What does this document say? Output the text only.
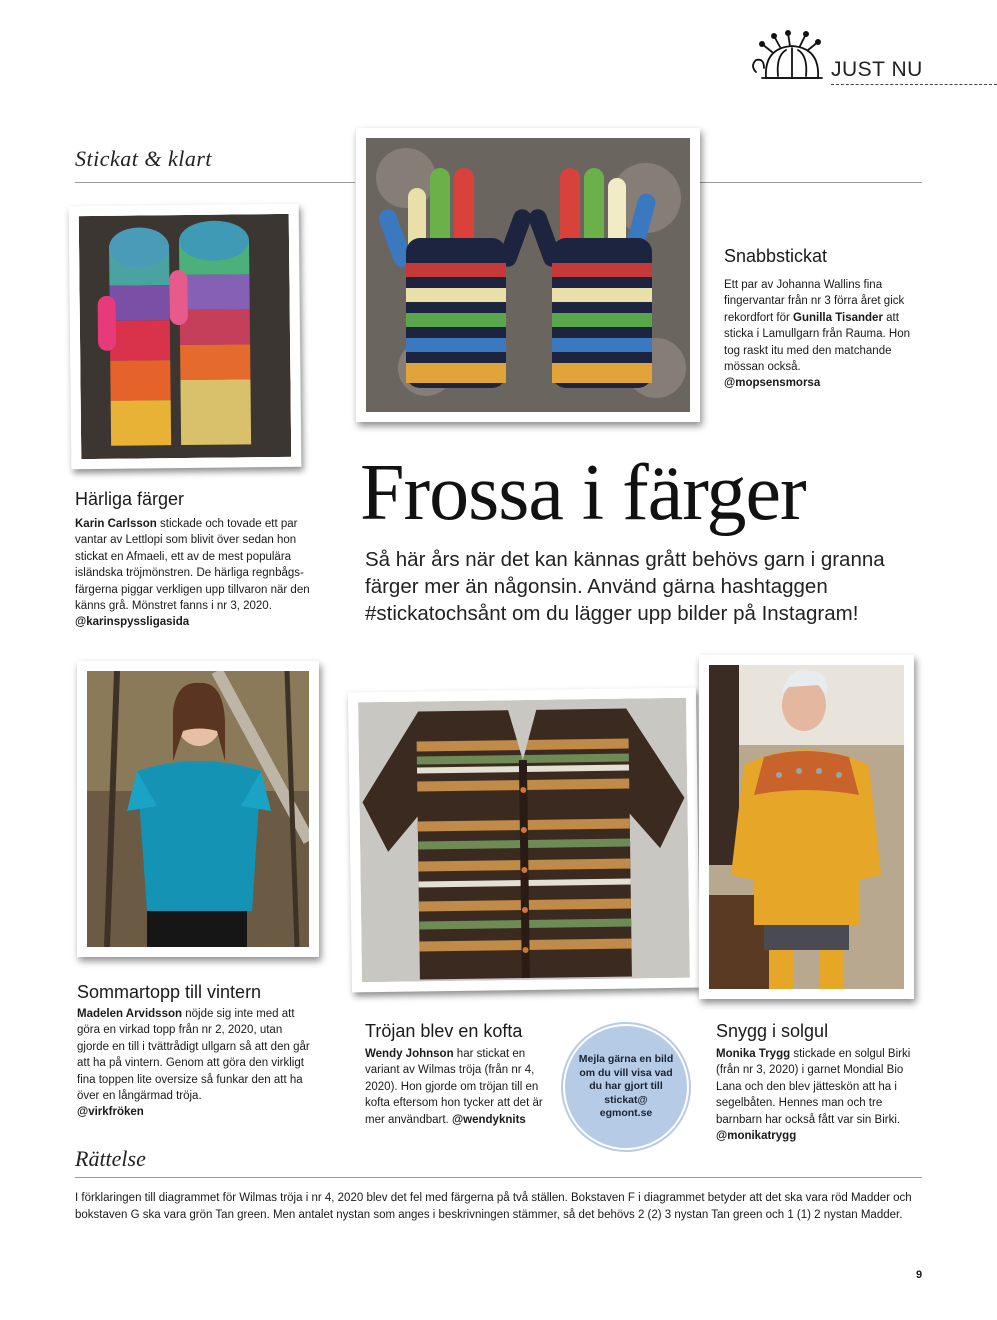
JUST NU
Stickat & klart
Snabbstickat
Ett par av Johanna Wallins fina fingervantar från nr 3 förra året gick rekordfort för Gunilla Tisander att sticka i Lamullgarn från Rauma. Hon tog raskt itu med den matchande mössan också.
@mopsensmorsa
Härliga färger
Karin Carlsson stickade och tovade ett par vantar av Lettlopi som blivit över sedan hon stickat en Afmaeli, ett av de mest populära isländska tröjmönstren. De härliga regnbågsfärgerna piggar verkligen upp tillvaron när den känns grå. Mönstret fanns i nr 3, 2020.
@karinspyssligasida
Frossa i färger
Så här års när det kan kännas grått behövs garn i granna färger mer än någonsin. Använd gärna hashtaggen #stickatochsånt om du lägger upp bilder på Instagram!
Sommartopp till vintern
Madelen Arvidsson nöjde sig inte med att göra en virkad topp från nr 2, 2020, utan gjorde en till i tvättrådigt ullgarn så att den går att ha på vintern. Genom att göra den virkligt fina toppen lite oversize så funkar den att ha över en långärmad tröja.
@virkfröken
Tröjan blev en kofta
Wendy Johnson har stickat en variant av Wilmas tröja (från nr 4, 2020). Hon gjorde om tröjan till en kofta eftersom hon tycker att det är mer användbart. @wendyknits
Mejla gärna en bild om du vill visa vad du har gjort till stickat@ egmont.se
Snygg i solgul
Monika Trygg stickade en solgul Birki (från nr 3, 2020) i garnet Mondial Bio Lana och den blev jätteskön att ha i segelbåten. Hennes man och tre barnbarn har också fått var sin Birki.
@monikatrygg
Rättelse
I förklaringen till diagrammet för Wilmas tröja i nr 4, 2020 blev det fel med färgerna på två ställen. Bokstaven F i diagrammet betyder att det ska vara röd Madder och bokstaven G ska vara grön Tan green. Men antalet nystan som anges i beskrivningen stämmer, så det behövs 2 (2) 3 nystan Tan green och 1 (1) 2 nystan Madder.
9
